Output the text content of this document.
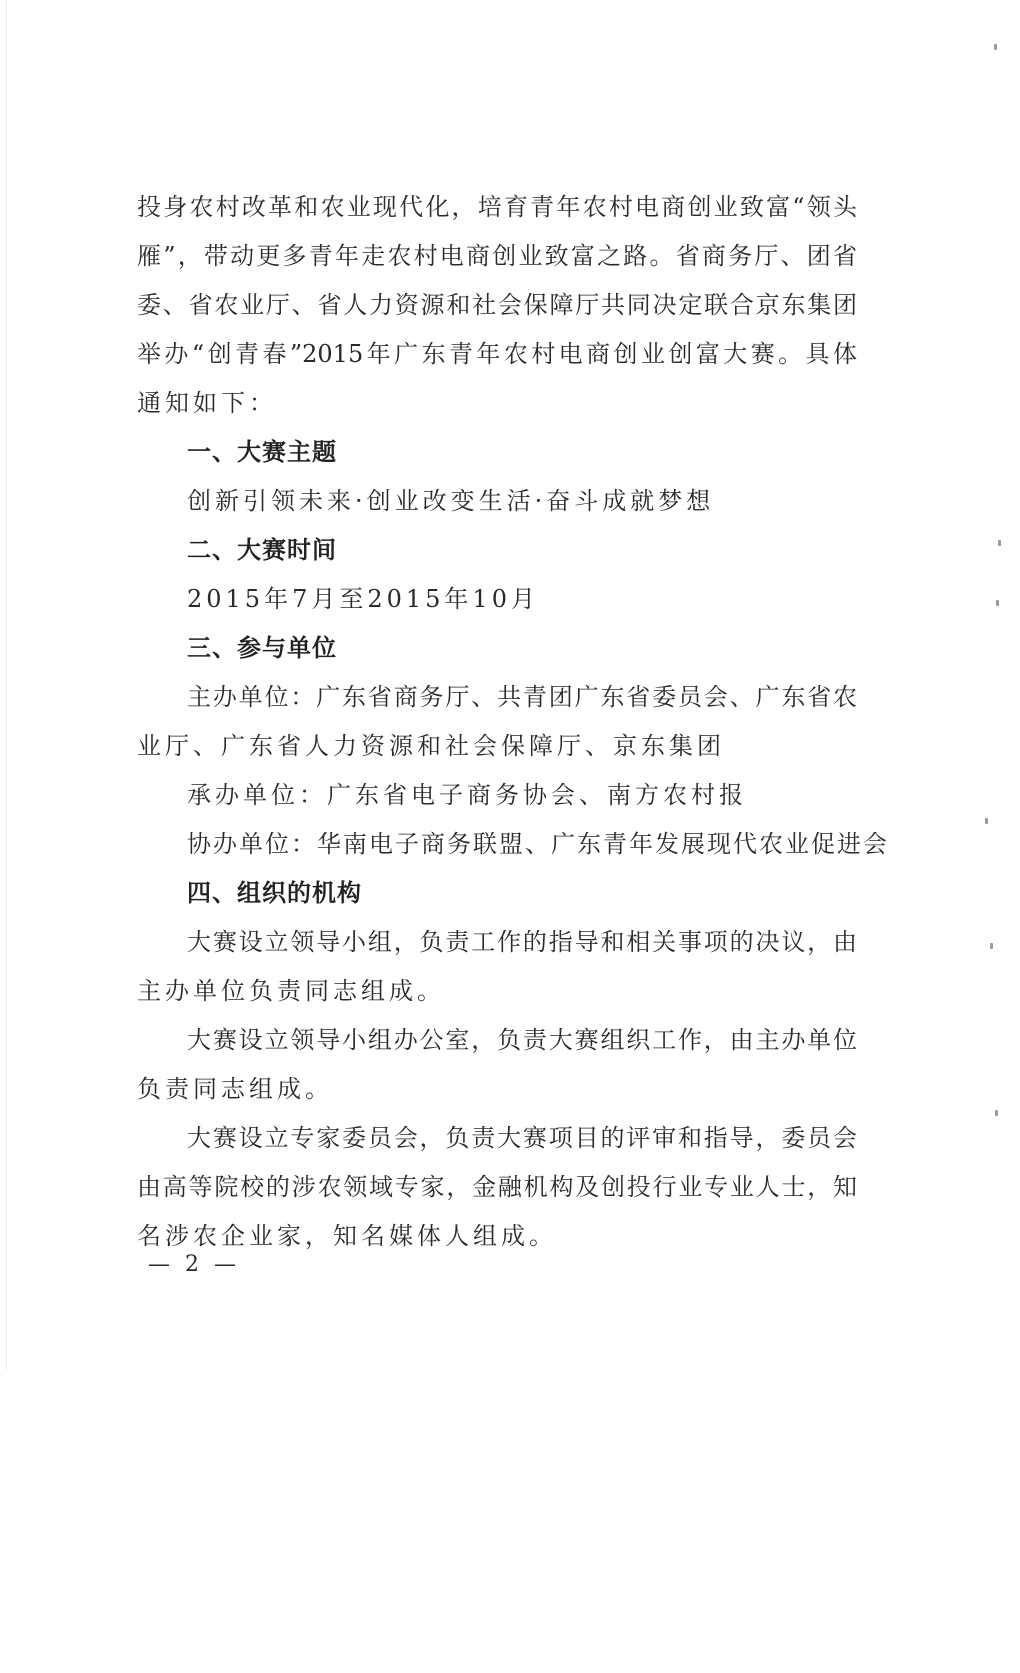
投身农村改革和农业现代化，培育青年农村电商创业致富“领头
雁”，带动更多青年走农村电商创业致富之路。省商务厅、团省
委、省农业厅、省人力资源和社会保障厅共同决定联合京东集团
举办“创青春”2015年广东青年农村电商创业创富大赛。具体
通知如下：
一、大赛主题
创新引领未来·创业改变生活·奋斗成就梦想
二、大赛时间
2015年7月至2015年10月
三、参与单位
主办单位：广东省商务厅、共青团广东省委员会、广东省农
业厅、广东省人力资源和社会保障厅、京东集团
承办单位：广东省电子商务协会、南方农村报
协办单位：华南电子商务联盟、广东青年发展现代农业促进会
四、组织的机构
大赛设立领导小组，负责工作的指导和相关事项的决议，由
主办单位负责同志组成。
大赛设立领导小组办公室，负责大赛组织工作，由主办单位
负责同志组成。
大赛设立专家委员会，负责大赛项目的评审和指导，委员会
由高等院校的涉农领域专家，金融机构及创投行业专业人士，知
名涉农企业家，知名媒体人组成。
— 2 —
